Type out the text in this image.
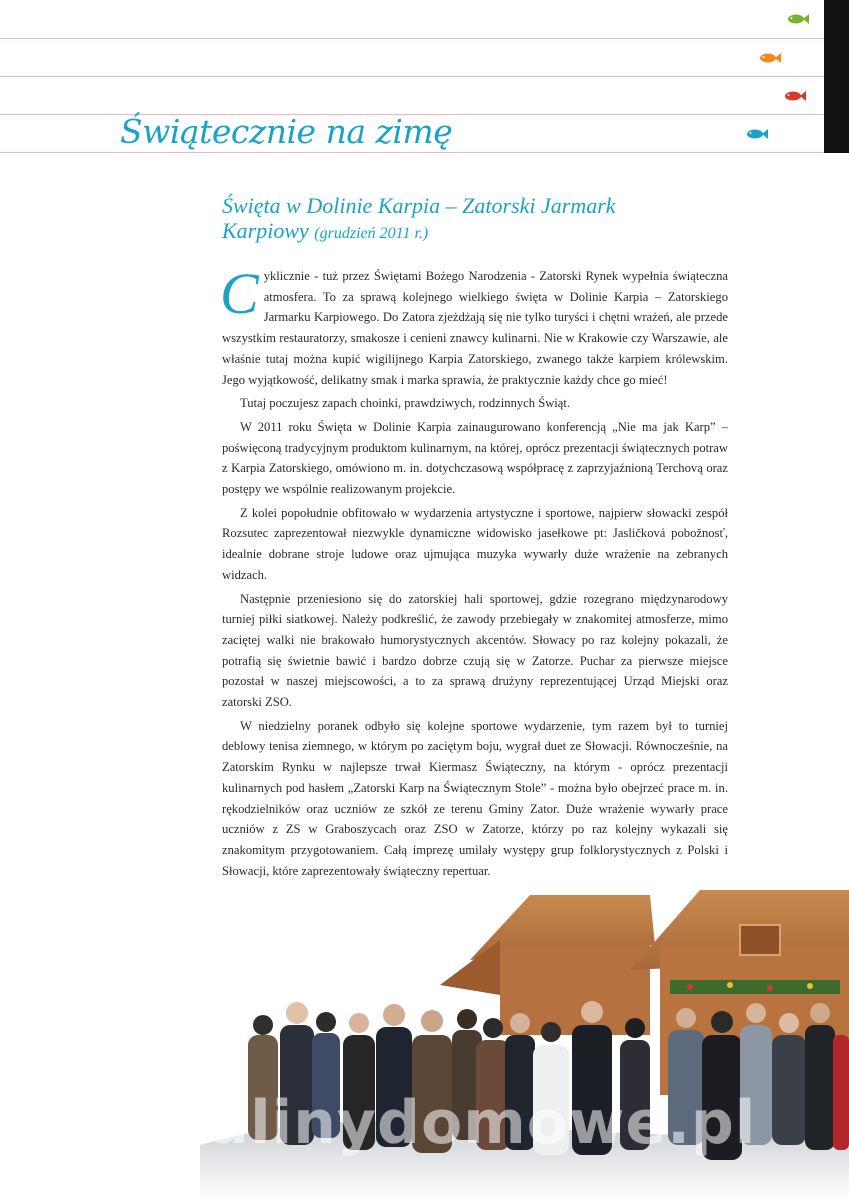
Świątecznie na zimę
Święta w Dolinie Karpia – Zatorski Jarmark
Karpiowy (grudzień 2011 r.)

Cyklicznie - tuż przez Świętami Bożego Narodzenia - Zatorski Rynek wypełnia świąteczna atmosfera. To za sprawą kolejnego wielkiego święta w Dolinie Karpia – Zatorskiego Jarmarku Karpiowego. Do Zatora zjeżdżają się nie tylko turyści i chętni wrażeń, ale przede wszystkim restauratorzy, smakosze i cenieni znawcy kulinarni. Nie w Krakowie czy Warszawie, ale właśnie tutaj można kupić wigilijnego Karpia Zatorskiego, zwanego także karpiem królewskim. Jego wyjątkowość, delikatny smak i marka sprawia, że praktycznie każdy chce go mieć!

Tutaj poczujesz zapach choinki, prawdziwych, rodzinnych Świąt.

W 2011 roku Święta w Dolinie Karpia zainaugurowano konferencją „Nie ma jak Karp” – poświęconą tradycyjnym produktom kulinarnym, na której, oprócz prezentacji świątecznych potraw z Karpia Zatorskiego, omówiono m. in. dotychczasową współpracę z zaprzyjaźnioną Terchovą oraz postępy we wspólnie realizowanym projekcie.

Z kolei popołudnie obfitowało w wydarzenia artystyczne i sportowe, najpierw słowacki zespół Rozsutec zaprezentował niezwykle dynamiczne widowisko jasełkowe pt: Jasličková pobožnosť, idealnie dobrane stroje ludowe oraz ujmująca muzyka wywarły duże wrażenie na zebranych widzach.

Następnie przeniesiono się do zatorskiej hali sportowej, gdzie rozegrano międzynarodowy turniej piłki siatkowej. Należy podkreślić, że zawody przebiegały w znakomitej atmosferze, mimo zaciętej walki nie brakowało humorystycznych akcentów. Słowacy po raz kolejny pokazali, że potrafią się świetnie bawić i bardzo dobrze czują się w Zatorze. Puchar za pierwsze miejsce pozostał w naszej miejscowości, a to za sprawą drużyny reprezentującej Urząd Miejski oraz zatorski ZSO.

W niedzielny poranek odbyło się kolejne sportowe wydarzenie, tym razem był to turniej deblowy tenisa ziemnego, w którym po zaciętym boju, wygrał duet ze Słowacji. Równocześnie, na Zatorskim Rynku w najlepsze trwał Kiermasz Świąteczny, na którym - oprócz prezentacji kulinarnych pod hasłem „Zatorski Karp na Świątecznym Stole” - można było obejrzeć prace m. in. rękodzielników oraz uczniów ze szkół ze terenu Gminy Zator. Duże wrażenie wywarły prace uczniów z ZS w Graboszycach oraz ZSO w Zatorze, którzy po raz kolejny wykazali się znakomitym przygotowaniem. Całą imprezę umilały występy grup folklorystycznych z Polski i Słowacji, które zaprezentowały świąteczny repertuar.

wedlinydomowe.pl
